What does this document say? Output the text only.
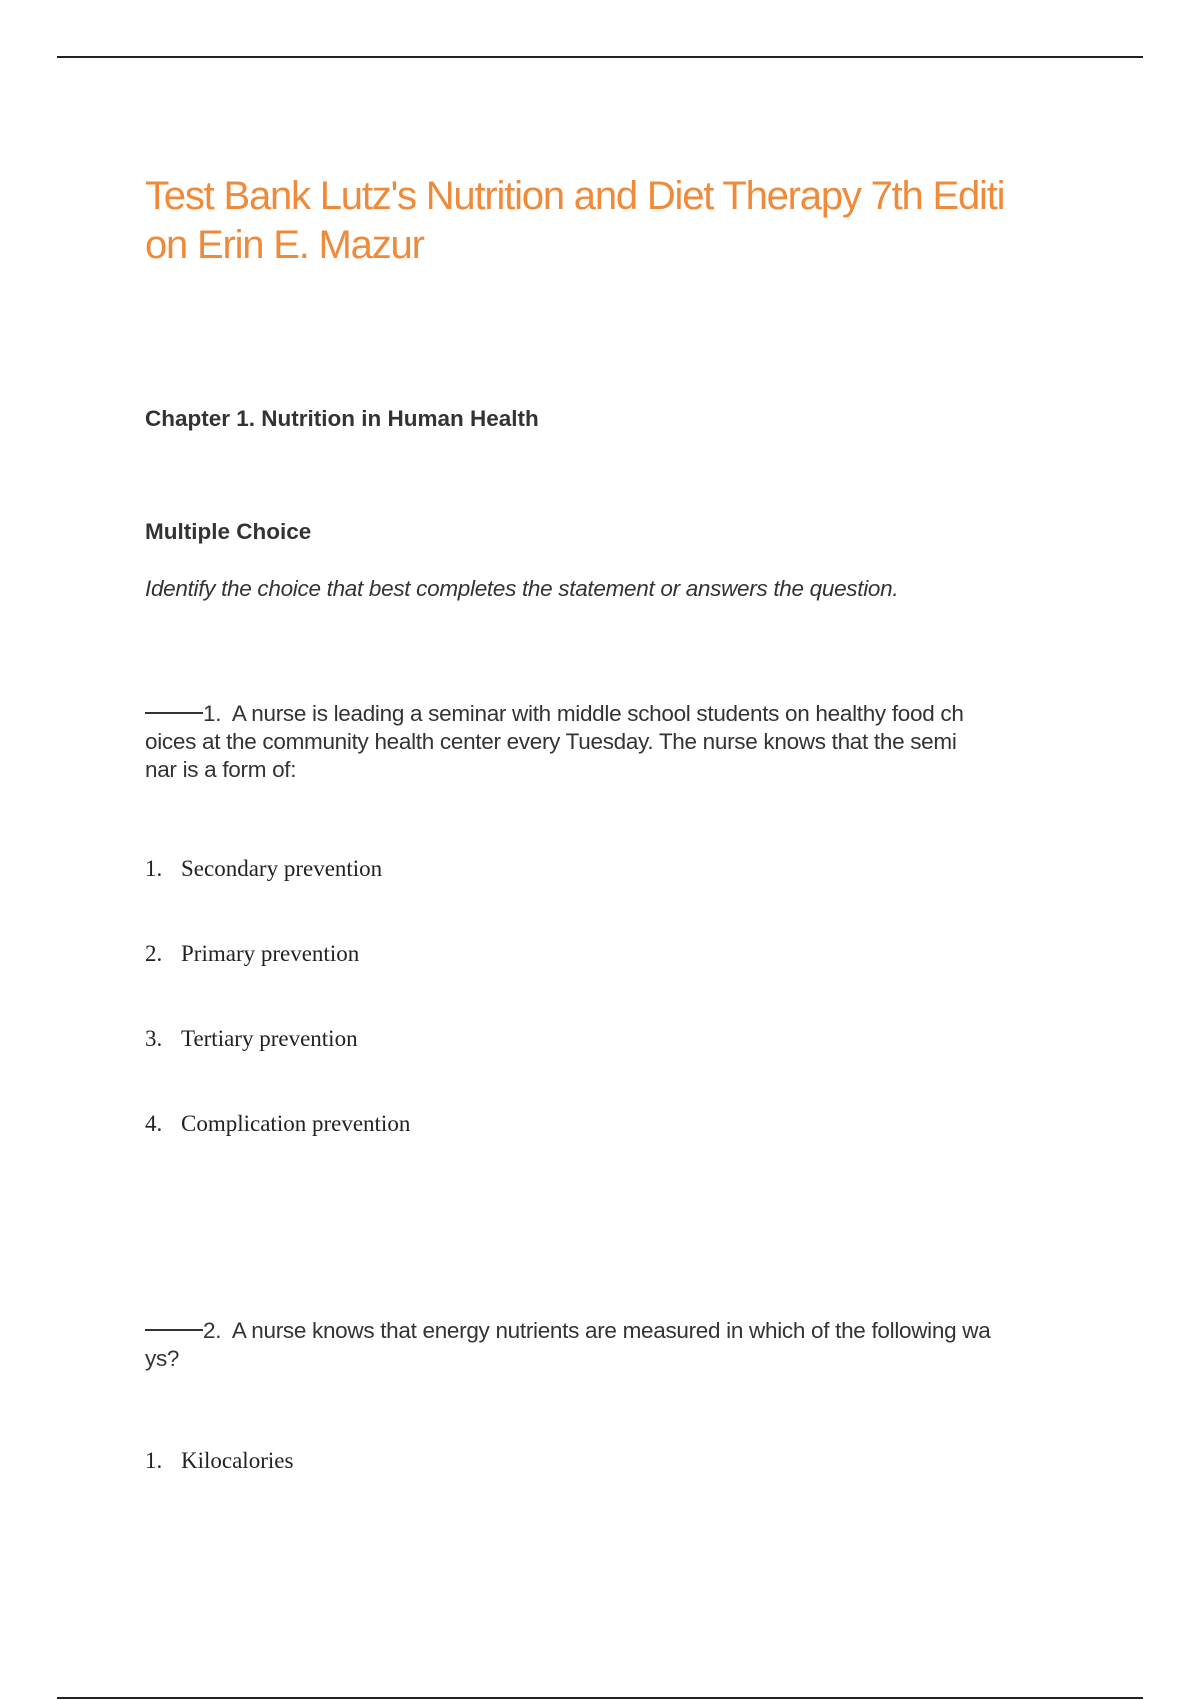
Test Bank Lutz's Nutrition and Diet Therapy 7th Editi
on Erin E. Mazur
Chapter 1. Nutrition in Human Health
Multiple Choice

Identify the choice that best completes the statement or answers the question.

1. A nurse is leading a seminar with middle school students on healthy food ch
oices at the community health center every Tuesday. The nurse knows that the semi
nar is a form of:

1. Secondary prevention

2. Primary prevention

3. Tertiary prevention

4. Complication prevention

2. A nurse knows that energy nutrients are measured in which of the following wa
ys?

1. Kilocalories
